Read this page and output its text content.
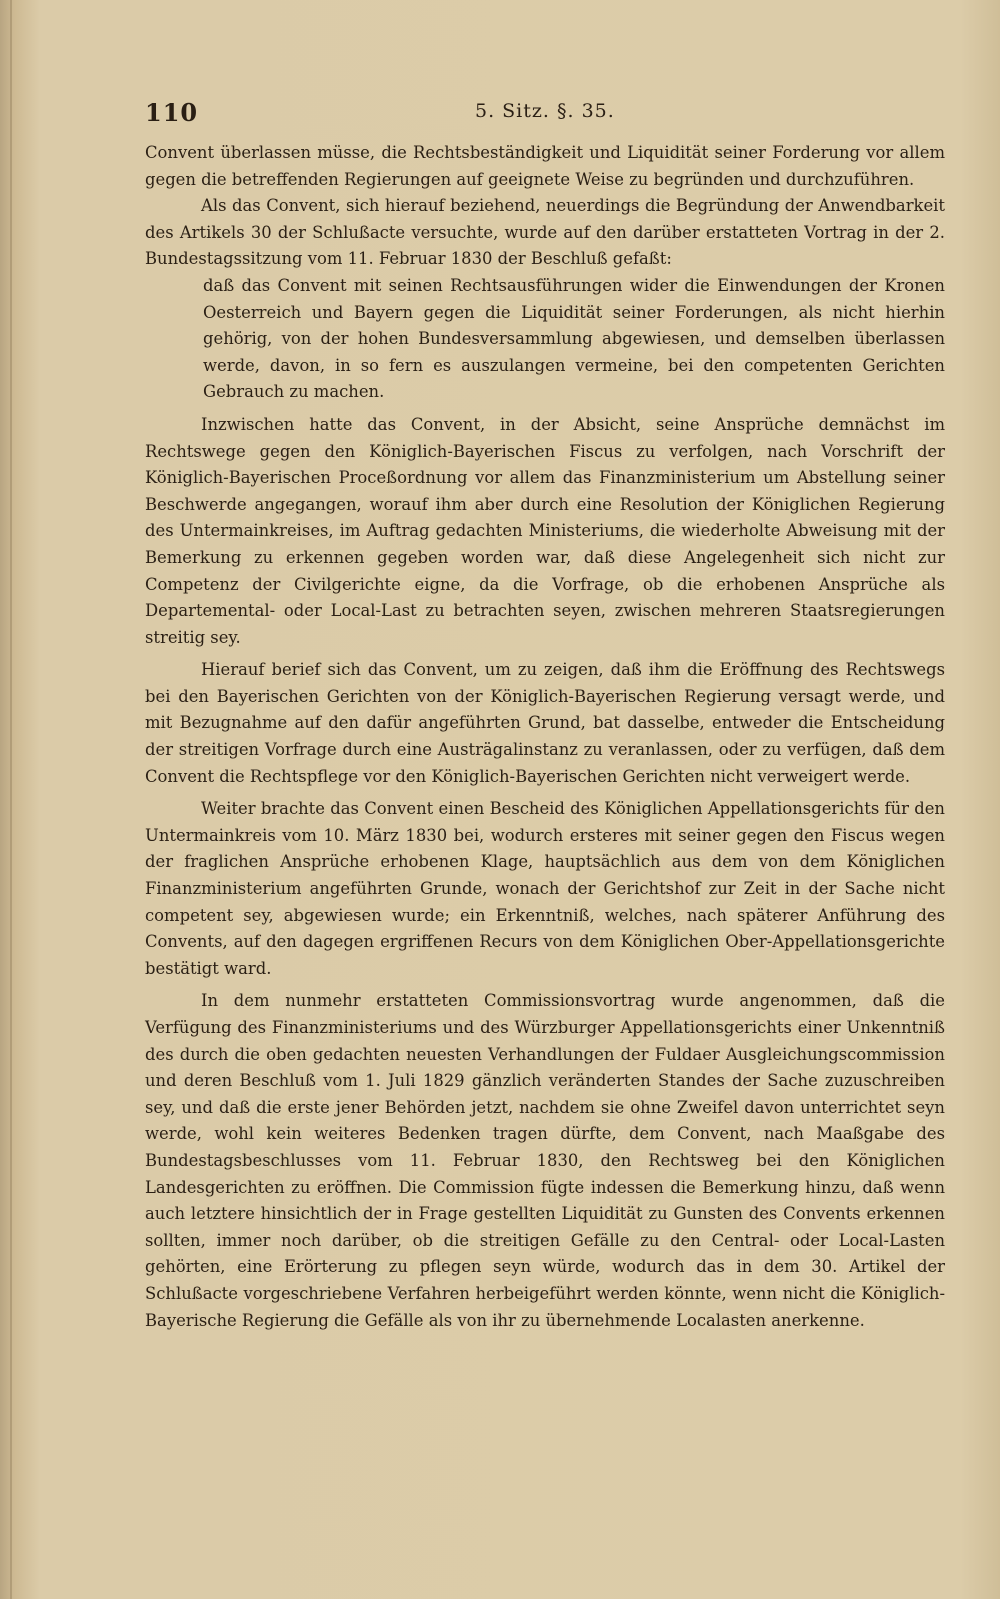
110	5. Sitz. §. 35.

Convent überlassen müsse, die Rechtsbeständigkeit und Liquidität seiner Forderung vor allem gegen die betreffenden Regierungen auf geeignete Weise zu begründen und durchzuführen.

Als das Convent, sich hierauf beziehend, neuerdings die Begründung der Anwendbarkeit des Artikels 30 der Schlußacte versuchte, wurde auf den darüber erstatteten Vortrag in der 2. Bundestagssitzung vom 11. Februar 1830 der Beschluß gefaßt:

daß das Convent mit seinen Rechtsausführungen wider die Einwendungen der Kronen Oesterreich und Bayern gegen die Liquidität seiner Forderungen, als nicht hierhin gehörig, von der hohen Bundesversammlung abgewiesen, und demselben überlassen werde, davon, in so fern es auszulangen vermeine, bei den competenten Gerichten Gebrauch zu machen.

Inzwischen hatte das Convent, in der Absicht, seine Ansprüche demnächst im Rechtswege gegen den Königlich-Bayerischen Fiscus zu verfolgen, nach Vorschrift der Königlich-Bayerischen Proceßordnung vor allem das Finanzministerium um Abstellung seiner Beschwerde angegangen, worauf ihm aber durch eine Resolution der Königlichen Regierung des Untermainkreises, im Auftrag gedachten Ministeriums, die wiederholte Abweisung mit der Bemerkung zu erkennen gegeben worden war, daß diese Angelegenheit sich nicht zur Competenz der Civilgerichte eigne, da die Vorfrage, ob die erhobenen Ansprüche als Departemental- oder Local-Last zu betrachten seyen, zwischen mehreren Staatsregierungen streitig sey.

Hierauf berief sich das Convent, um zu zeigen, daß ihm die Eröffnung des Rechtswegs bei den Bayerischen Gerichten von der Königlich-Bayerischen Regierung versagt werde, und mit Bezugnahme auf den dafür angeführten Grund, bat dasselbe, entweder die Entscheidung der streitigen Vorfrage durch eine Austrägalinstanz zu veranlassen, oder zu verfügen, daß dem Convent die Rechtspflege vor den Königlich-Bayerischen Gerichten nicht verweigert werde.

Weiter brachte das Convent einen Bescheid des Königlichen Appellationsgerichts für den Untermainkreis vom 10. März 1830 bei, wodurch ersteres mit seiner gegen den Fiscus wegen der fraglichen Ansprüche erhobenen Klage, hauptsächlich aus dem von dem Königlichen Finanzministerium angeführten Grunde, wonach der Gerichtshof zur Zeit in der Sache nicht competent sey, abgewiesen wurde; ein Erkenntniß, welches, nach späterer Anführung des Convents, auf den dagegen ergriffenen Recurs von dem Königlichen Ober-Appellationsgerichte bestätigt ward.

In dem nunmehr erstatteten Commissionsvortrag wurde angenommen, daß die Verfügung des Finanzministeriums und des Würzburger Appellationsgerichts einer Unkenntniß des durch die oben gedachten neuesten Verhandlungen der Fuldaer Ausgleichungscommission und deren Beschluß vom 1. Juli 1829 gänzlich veränderten Standes der Sache zuzuschreiben sey, und daß die erste jener Behörden jetzt, nachdem sie ohne Zweifel davon unterrichtet seyn werde, wohl kein weiteres Bedenken tragen dürfte, dem Convent, nach Maaßgabe des Bundestagsbeschlusses vom 11. Februar 1830, den Rechtsweg bei den Königlichen Landesgerichten zu eröffnen. Die Commission fügte indessen die Bemerkung hinzu, daß wenn auch letztere hinsichtlich der in Frage gestellten Liquidität zu Gunsten des Convents erkennen sollten, immer noch darüber, ob die streitigen Gefälle zu den Central- oder Local-Lasten gehörten, eine Erörterung zu pflegen seyn würde, wodurch das in dem 30. Artikel der Schlußacte vorgeschriebene Verfahren herbeigeführt werden könnte, wenn nicht die Königlich-Bayerische Regierung die Gefälle als von ihr zu übernehmende Localasten anerkenne.
